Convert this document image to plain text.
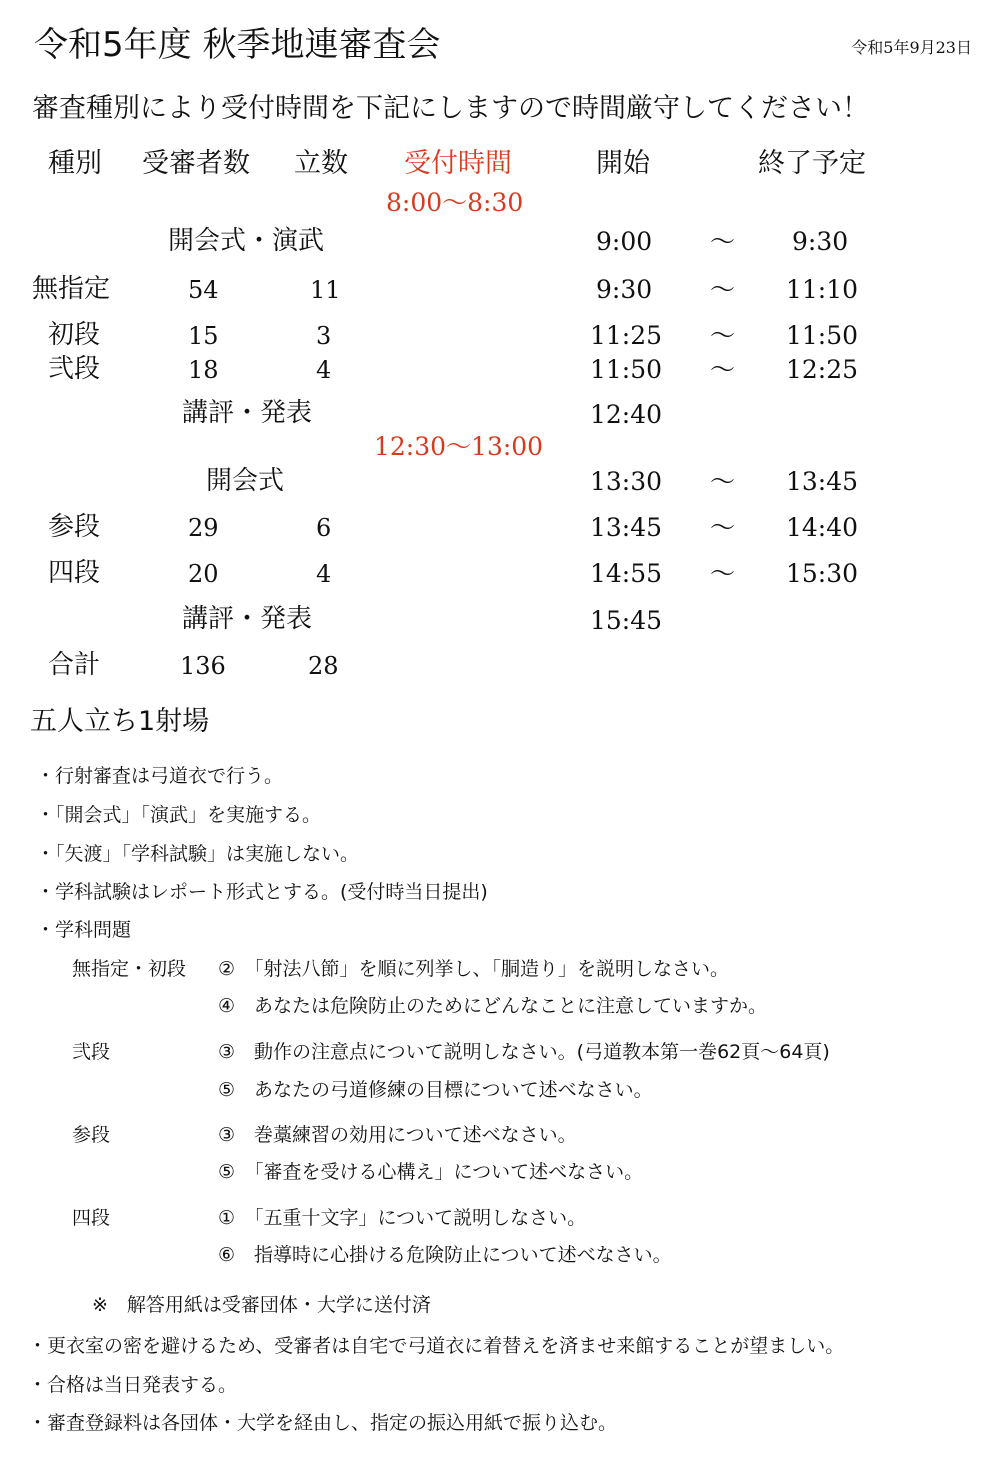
令和5年度 秋季地連審査会	令和5年9月23日
審査種別により受付時間を下記にしますので時間厳守してください！
種別 受審者数 立数 受付時間	開始	終了予定
8:00～8:30
開会式・演武	9:00 ～ 9:30
無指定	54	11	9:30 ～ 11:10
初段	15	3	11:25 ～ 11:50
弐段	18	4	11:50 ～ 12:25
講評・発表	12:40
12:30～13:00
開会式	13:30 ～ 13:45
参段	29	6	13:45 ～ 14:40
四段	20	4	14:55 ～ 15:30
講評・発表	15:45
合計	136	28
五人立ち1射場
・行射審査は弓道衣で行う。
・「開会式」「演武」を実施する。
・「矢渡」「学科試験」は実施しない。
・学科試験はレポート形式とする。(受付時当日提出)
・学科問題
無指定・初段 ②　「射法八節」を順に列挙し、「胴造り」を説明しなさい。
④　あなたは危険防止のためにどんなことに注意していますか。
弐段	③　動作の注意点について説明しなさい。(弓道教本第一巻62頁～64頁)
⑤　あなたの弓道修練の目標について述べなさい。
参段	③　巻藁練習の効用について述べなさい。
⑤　「審査を受ける心構え」について述べなさい。
四段	①　「五重十文字」について説明しなさい。
⑥　指導時に心掛ける危険防止について述べなさい。
※　解答用紙は受審団体・大学に送付済
・更衣室の密を避けるため、受審者は自宅で弓道衣に着替えを済ませ来館することが望ましい。
・合格は当日発表する。
・審査登録料は各団体・大学を経由し、指定の振込用紙で振り込む。
